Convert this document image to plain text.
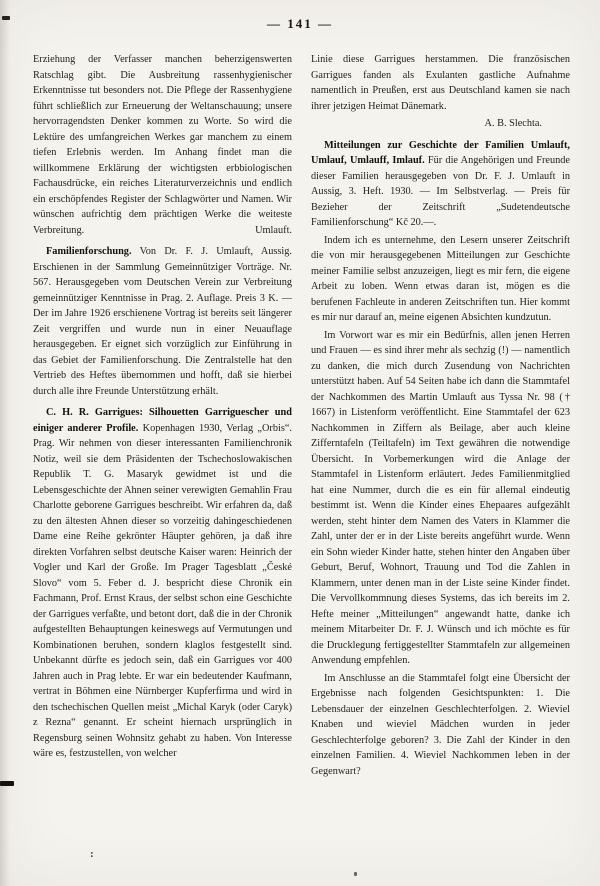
— 141 —

Erziehung der Verfasser manchen beherzigenswerten Ratschlag gibt. Die Ausbreitung rassenhygienischer Erkenntnisse tut besonders not. Die Pflege der Rassenhygiene führt schließlich zur Erneuerung der Weltanschauung; unsere hervorragendsten Denker kommen zu Worte. So wird die Lektüre des umfangreichen Werkes gar manchem zu einem tiefen Erlebnis werden. Im Anhang findet man die willkommene Erklärung der wichtigsten erbbiologischen Fachausdrücke, ein reiches Literaturverzeichnis und endlich ein erschöpfendes Register der Schlagwörter und Namen. Wir wünschen aufrichtig dem prächtigen Werke die weiteste Verbreitung.	Umlauft.

Familienforschung. Von Dr. F. J. Umlauft, Aussig. Erschienen in der Sammlung Gemeinnütziger Vorträge. Nr. 567. Herausgegeben vom Deutschen Verein zur Verbreitung gemeinnütziger Kenntnisse in Prag. 2. Auflage. Preis 3 K. — Der im Jahre 1926 erschienene Vortrag ist bereits seit längerer Zeit vergriffen und wurde nun in einer Neuauflage herausgegeben. Er eignet sich vorzüglich zur Einführung in das Gebiet der Familienforschung. Die Zentralstelle hat den Vertrieb des Heftes übernommen und hofft, daß sie hierbei durch alle ihre Freunde Unterstützung erhält.

C. H. R. Garrigues: Silhouetten Garriguescher und einiger anderer Profile. Kopenhagen 1930, Verlag „Orbis“. Prag. Wir nehmen von dieser interessanten Familienchronik Notiz, weil sie dem Präsidenten der Tschechoslowakischen Republik T. G. Masaryk gewidmet ist und die Lebensgeschichte der Ahnen seiner verewigten Gemahlin Frau Charlotte geborene Garrigues beschreibt. Wir erfahren da, daß zu den ältesten Ahnen dieser so vorzeitig dahingeschiedenen Dame eine Reihe gekrönter Häupter gehören, ja daß ihre direkten Vorfahren selbst deutsche Kaiser waren: Heinrich der Vogler und Karl der Große. Im Prager Tagesblatt „České Slovo“ vom 5. Feber d. J. bespricht diese Chronik ein Fachmann, Prof. Ernst Kraus, der selbst schon eine Geschichte der Garrigues verfaßte, und betont dort, daß die in der Chronik aufgestellten Behauptungen keineswegs auf Vermutungen und Kombinationen beruhen, sondern klaglos festgestellt sind. Unbekannt dürfte es jedoch sein, daß ein Garrigues vor 400 Jahren auch in Prag lebte. Er war ein bedeutender Kaufmann, vertrat in Böhmen eine Nürnberger Kupferfirma und wird in den tschechischen Quellen meist „Michal Karyk (oder Caryk) z Rezna“ genannt. Er scheint hiernach ursprünglich in Regensburg seinen Wohnsitz gehabt zu haben. Von Interesse wäre es, festzustellen, von welcher

Linie diese Garrigues herstammen. Die französischen Garrigues fanden als Exulanten gastliche Aufnahme namentlich in Preußen, erst aus Deutschland kamen sie nach ihrer jetzigen Heimat Dänemark.

A. B. Slechta.

Mitteilungen zur Geschichte der Familien Umlauft, Umlauf, Umlauff, Imlauf. Für die Angehörigen und Freunde dieser Familien herausgegeben von Dr. F. J. Umlauft in Aussig, 3. Heft. 1930. — Im Selbstverlag. — Preis für Bezieher der Zeitschrift „Sudetendeutsche Familienforschung“ Kč 20.—.

Indem ich es unternehme, den Lesern unserer Zeitschrift die von mir herausgegebenen Mitteilungen zur Geschichte meiner Familie selbst anzuzeigen, liegt es mir fern, die eigene Arbeit zu loben. Wenn etwas daran ist, mögen es die berufenen Fachleute in anderen Zeitschriften tun. Hier kommt es mir nur darauf an, meine eigenen Absichten kundzutun.

Im Vorwort war es mir ein Bedürfnis, allen jenen Herren und Frauen — es sind ihrer mehr als sechzig (!) — namentlich zu danken, die mich durch Zusendung von Nachrichten unterstützt haben. Auf 54 Seiten habe ich dann die Stammtafel der Nachkommen des Martin Umlauft aus Tyssa Nr. 98 († 1667) in Listenform veröffentlicht. Eine Stammtafel der 623 Nachkommen in Ziffern als Beilage, aber auch kleine Zifferntafeln (Teiltafeln) im Text gewähren die notwendige Übersicht. In Vorbemerkungen wird die Anlage der Stammtafel in Listenform erläutert. Jedes Familienmitglied hat eine Nummer, durch die es ein für allemal eindeutig bestimmt ist. Wenn die Kinder eines Ehepaares aufgezählt werden, steht hinter dem Namen des Vaters in Klammer die Zahl, unter der er in der Liste bereits angeführt wurde. Wenn ein Sohn wieder Kinder hatte, stehen hinter den Angaben über Geburt, Beruf, Wohnort, Trauung und Tod die Zahlen in Klammern, unter denen man in der Liste seine Kinder findet. Die Vervollkommnung dieses Systems, das ich bereits im 2. Hefte meiner „Mitteilungen“ angewandt hatte, danke ich meinem Mitarbeiter Dr. F. J. Wünsch und ich möchte es für die Drucklegung fertiggestellter Stammtafeln zur allgemeinen Anwendung empfehlen.

Im Anschlusse an die Stammtafel folgt eine Übersicht der Ergebnisse nach folgenden Gesichtspunkten: 1. Die Lebensdauer der einzelnen Geschlechterfolgen. 2. Wieviel Knaben und wieviel Mädchen wurden in jeder Geschlechterfolge geboren? 3. Die Zahl der Kinder in den einzelnen Familien. 4. Wieviel Nachkommen leben in der Gegenwart?

:
